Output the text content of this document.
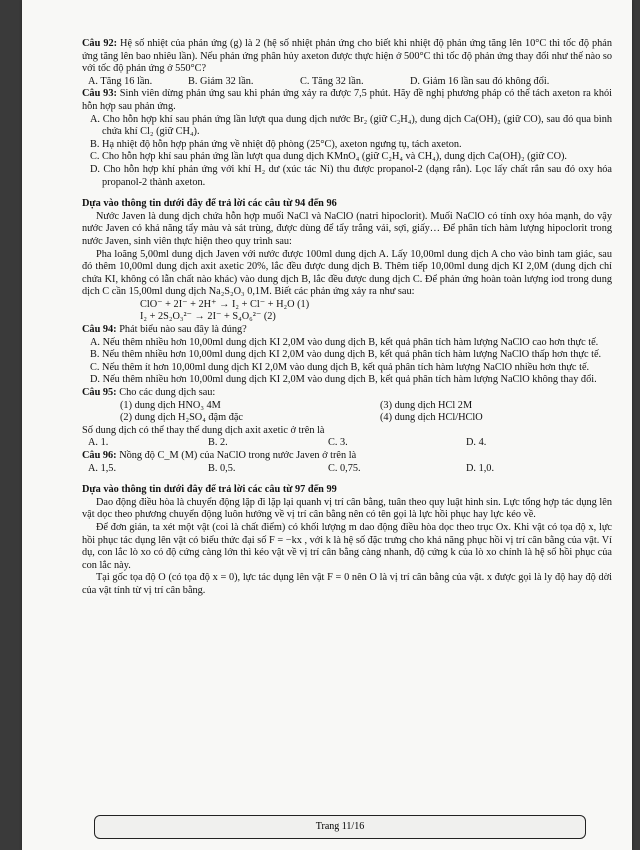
Câu 92: Hệ số nhiệt của phản ứng (g) là 2 (hệ số nhiệt phản ứng cho biết khi nhiệt độ phản ứng tăng lên 10°C thì tốc độ phản ứng tăng lên bao nhiêu lần). Nếu phản ứng phân hủy axeton được thực hiện ở 500°C thì tốc độ phản ứng thay đổi như thế nào so với tốc độ phản ứng ở 550°C?

A. Tăng 16 lần.	B. Giảm 32 lần.	C. Tăng 32 lần.	D. Giảm 16 lần sau đó không đổi.

Câu 93: Sinh viên dừng phản ứng sau khi phản ứng xảy ra được 7,5 phút. Hãy đề nghị phương pháp có thể tách axeton ra khỏi hỗn hợp sau phản ứng.

A. Cho hỗn hợp khí sau phản ứng lần lượt qua dung dịch nước Br₂ (giữ C₂H₄), dung dịch Ca(OH)₂ (giữ CO), sau đó qua bình chứa khí Cl₂ (giữ CH₄).

B. Hạ nhiệt độ hỗn hợp phản ứng về nhiệt độ phòng (25°C), axeton ngưng tụ, tách axeton.

C. Cho hỗn hợp khí sau phản ứng lần lượt qua dung dịch KMnO₄ (giữ C₂H₄ và CH₄), dung dịch Ca(OH)₂ (giữ CO).

D. Cho hỗn hợp khí phản ứng với khí H₂ dư (xúc tác Ni) thu được propanol-2 (dạng rắn). Lọc lấy chất rắn sau đó oxy hóa propanol-2 thành axeton.

Dựa vào thông tin dưới đây để trả lời các câu từ 94 đến 96

Nước Javen là dung dịch chứa hỗn hợp muối NaCl và NaClO (natri hipoclorit). Muối NaClO có tính oxy hóa mạnh, do vậy nước Javen có khả năng tẩy màu và sát trùng, được dùng để tẩy trắng vải, sợi, giấy… Để phân tích hàm lượng hipoclorit trong nước Javen, sinh viên thực hiện theo quy trình sau:

Pha loãng 5,00ml dung dịch Javen với nước được 100ml dung dịch A. Lấy 10,00ml dung dịch A cho vào bình tam giác, sau đó thêm 10,00ml dung dịch axit axetic 20%, lắc đều được dung dịch B. Thêm tiếp 10,00ml dung dịch KI 2,0M (dung dịch chỉ chứa KI, không có lẫn chất nào khác) vào dung dịch B, lắc đều được dung dịch C. Để phản ứng hoàn toàn lượng iod trong dung dịch C cần 15,00ml dung dịch Na₂S₂O₃ 0,1M. Biết các phản ứng xảy ra như sau:

ClO⁻ + 2I⁻ + 2H⁺ → I₂ + Cl⁻ + H₂O (1)

I₂ + 2S₂O₃²⁻ → 2I⁻ + S₄O₆²⁻ (2)

Câu 94: Phát biểu nào sau đây là đúng?

A. Nếu thêm nhiều hơn 10,00ml dung dịch KI 2,0M vào dung dịch B, kết quả phân tích hàm lượng NaClO cao hơn thực tế.

B. Nếu thêm nhiều hơn 10,00ml dung dịch KI 2,0M vào dung dịch B, kết quả phân tích hàm lượng NaClO thấp hơn thực tế.

C. Nếu thêm ít hơn 10,00ml dung dịch KI 2,0M vào dung dịch B, kết quả phân tích hàm lượng NaClO nhiều hơn thực tế.

D. Nếu thêm nhiều hơn 10,00ml dung dịch KI 2,0M vào dung dịch B, kết quả phân tích hàm lượng NaClO không thay đổi.

Câu 95: Cho các dung dịch sau:

(1) dung dịch HNO₃ 4M	(3) dung dịch HCl 2M
(2) dung dịch H₂SO₄ đậm đặc	(4) dung dịch HCl/HClO

Số dung dịch có thể thay thế dung dịch axit axetic ở trên là

A. 1.	B. 2.	C. 3.	D. 4.

Câu 96: Nồng độ C_M (M) của NaClO trong nước Javen ở trên là

A. 1,5.	B. 0,5.	C. 0,75.	D. 1,0.

Dựa vào thông tin dưới đây để trả lời các câu từ 97 đến 99

Dao động điều hòa là chuyển động lặp đi lặp lại quanh vị trí cân bằng, tuân theo quy luật hình sin. Lực tổng hợp tác dụng lên vật dọc theo phương chuyển động luôn hướng về vị trí cân bằng nên có tên gọi là lực hồi phục hay lực kéo về.

Để đơn giản, ta xét một vật (coi là chất điểm) có khối lượng m dao động điều hòa dọc theo trục Ox. Khi vật có tọa độ x, lực hồi phục tác dụng lên vật có biểu thức đại số F = −kx , với k là hệ số đặc trưng cho khả năng phục hồi vị trí cân bằng của vật. Ví dụ, con lắc lò xo có độ cứng càng lớn thì kéo vật về vị trí cân bằng càng nhanh, độ cứng k của lò xo chính là hệ số hồi phục của con lắc này.

Tại gốc tọa độ O (có tọa độ x = 0), lực tác dụng lên vật F = 0 nên O là vị trí cân bằng của vật. x được gọi là ly độ hay độ dời của vật tính từ vị trí cân bằng.

Trang 11/16
